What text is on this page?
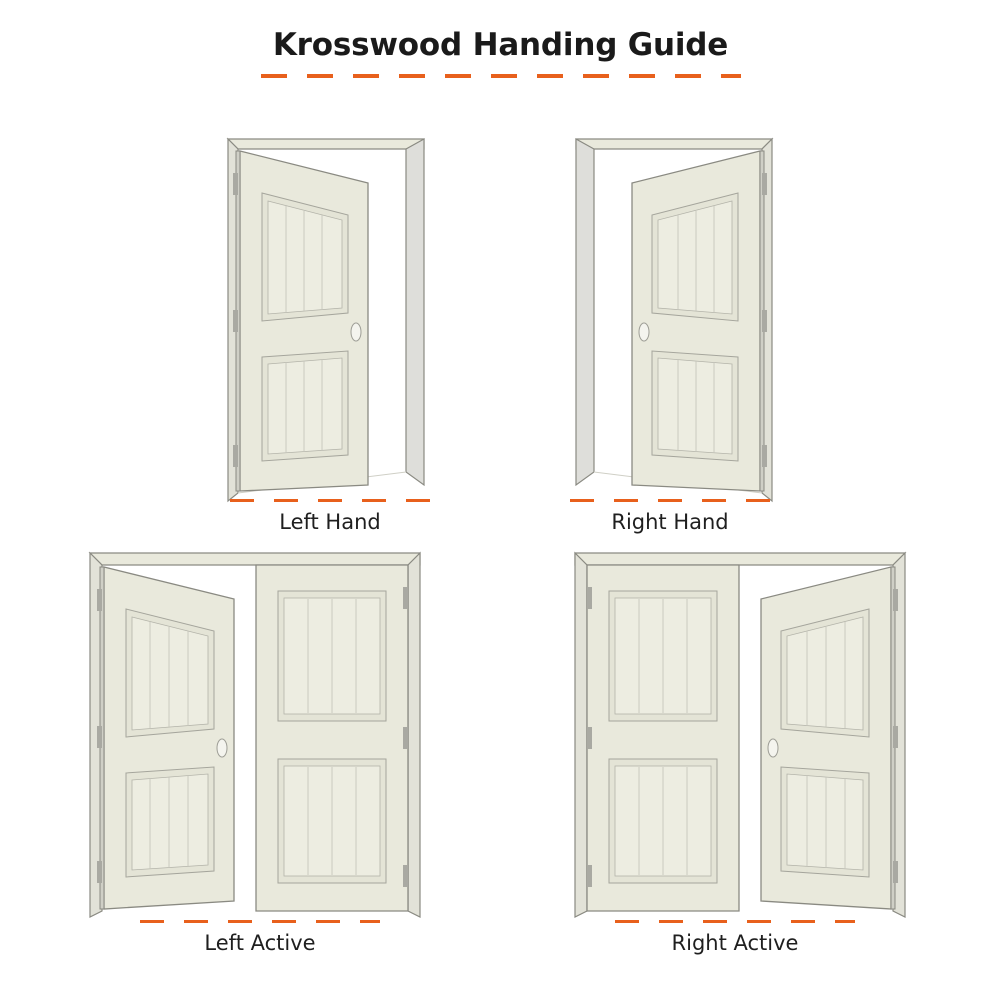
Krosswood Handing Guide
Left Hand	Right Hand
Left Active	Right Active
